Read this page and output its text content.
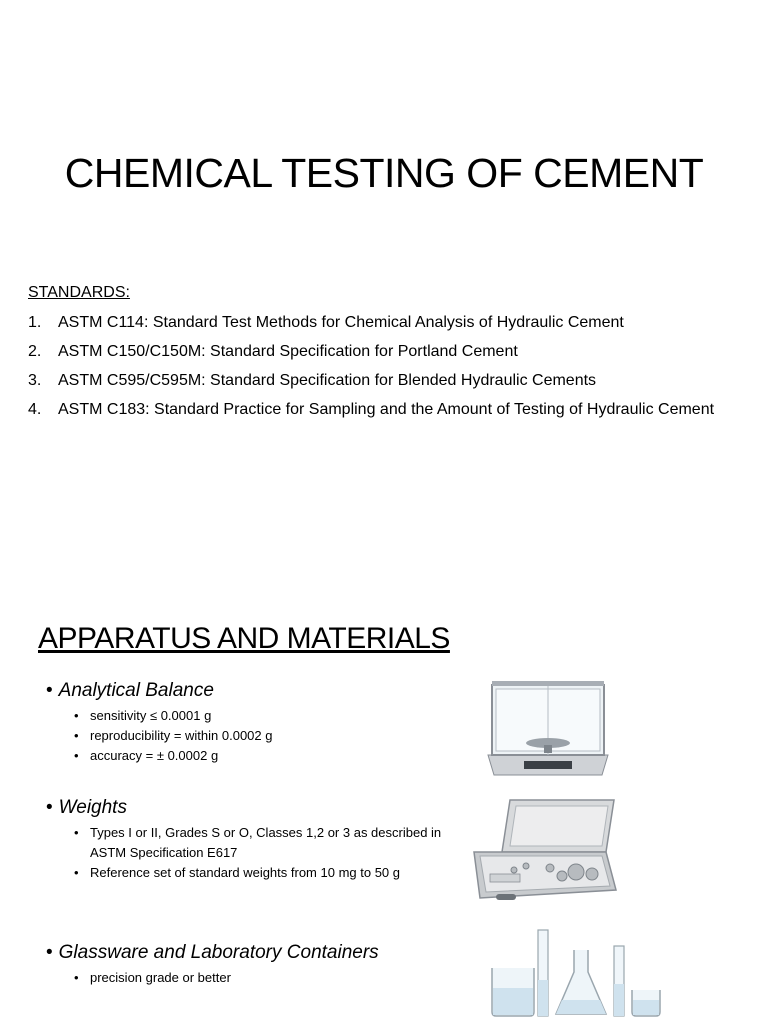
CHEMICAL TESTING OF CEMENT

STANDARDS:

1.	ASTM C114: Standard Test Methods for Chemical Analysis of Hydraulic Cement
2.	ASTM C150/C150M: Standard Specification for Portland Cement
3.	ASTM C595/C595M: Standard Specification for Blended Hydraulic Cements
4.	ASTM C183: Standard Practice for Sampling and the Amount of Testing of Hydraulic Cement
APPARATUS AND MATERIALS

• Analytical Balance

• sensitivity ≤ 0.0001 g
• reproducibility = within 0.0002 g
• accuracy = ± 0.0002 g

• Weights

• Types I or II, Grades S or O, Classes 1,2 or 3 as described in
ASTM Specification E617
• Reference set of standard weights from 10 mg to 50 g

• Glassware and Laboratory Containers

• precision grade or better
